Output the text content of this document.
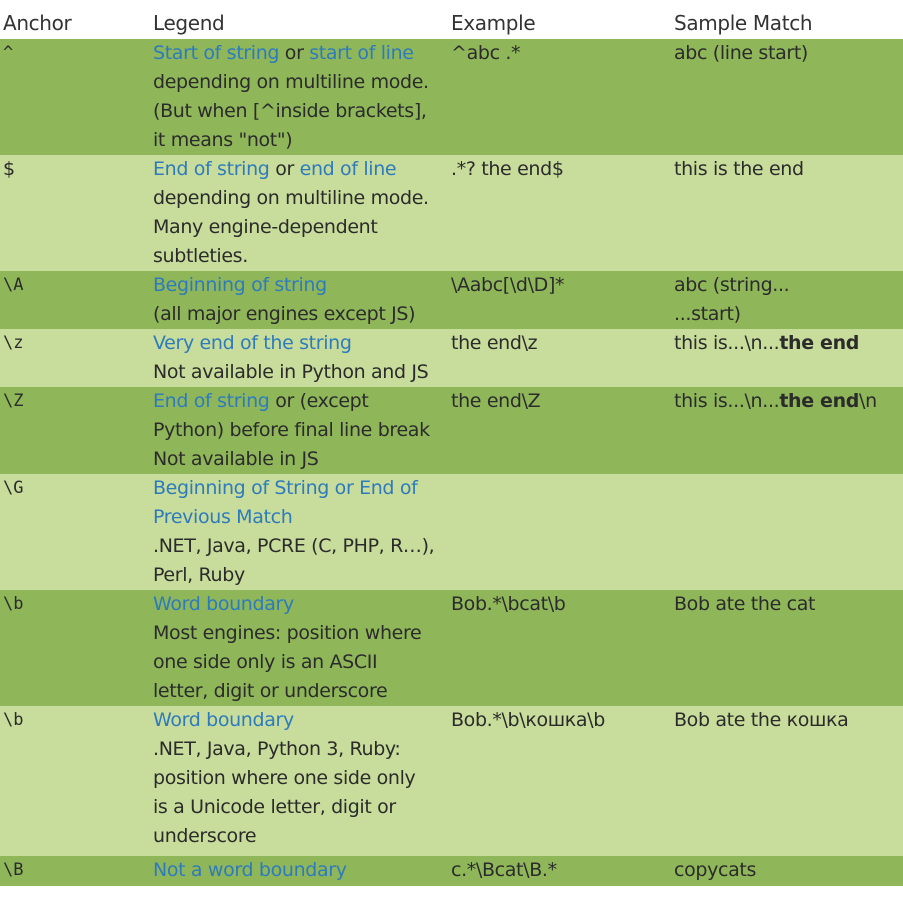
Anchor	Legend	Example	Sample Match
^	Start of string or start of line
depending on multiline mode.
(But when [^inside brackets],
it means "not")	^abc .*	abc (line start)
$	End of string or end of line
depending on multiline mode.
Many engine-dependent
subtleties.	.*? the end$	this is the end
\A	Beginning of string
(all major engines except JS)	\Aabc[\d\D]*	abc (string...
...start)

\z	Very end of the string
Not available in Python and JS	the end\z	this is...\n...the end
\Z	End of string or (except
Python) before final line break
Not available in JS	the end\Z	this is...\n...the end\n
\G	Beginning of String or End of
Previous Match
.NET, Java, PCRE (C, PHP, R…),
Perl, Ruby		

\b	Word boundary
Most engines: position where
one side only is an ASCII
letter, digit or underscore	Bob.*\bcat\b	Bob ate the cat
\b	Word boundary
.NET, Java, Python 3, Ruby:
position where one side only
is a Unicode letter, digit or
underscore	Bob.*\b\кошка\b	Bob ate the кошка
\B	Not a word boundary	c.*\Bcat\B.*	copycats
